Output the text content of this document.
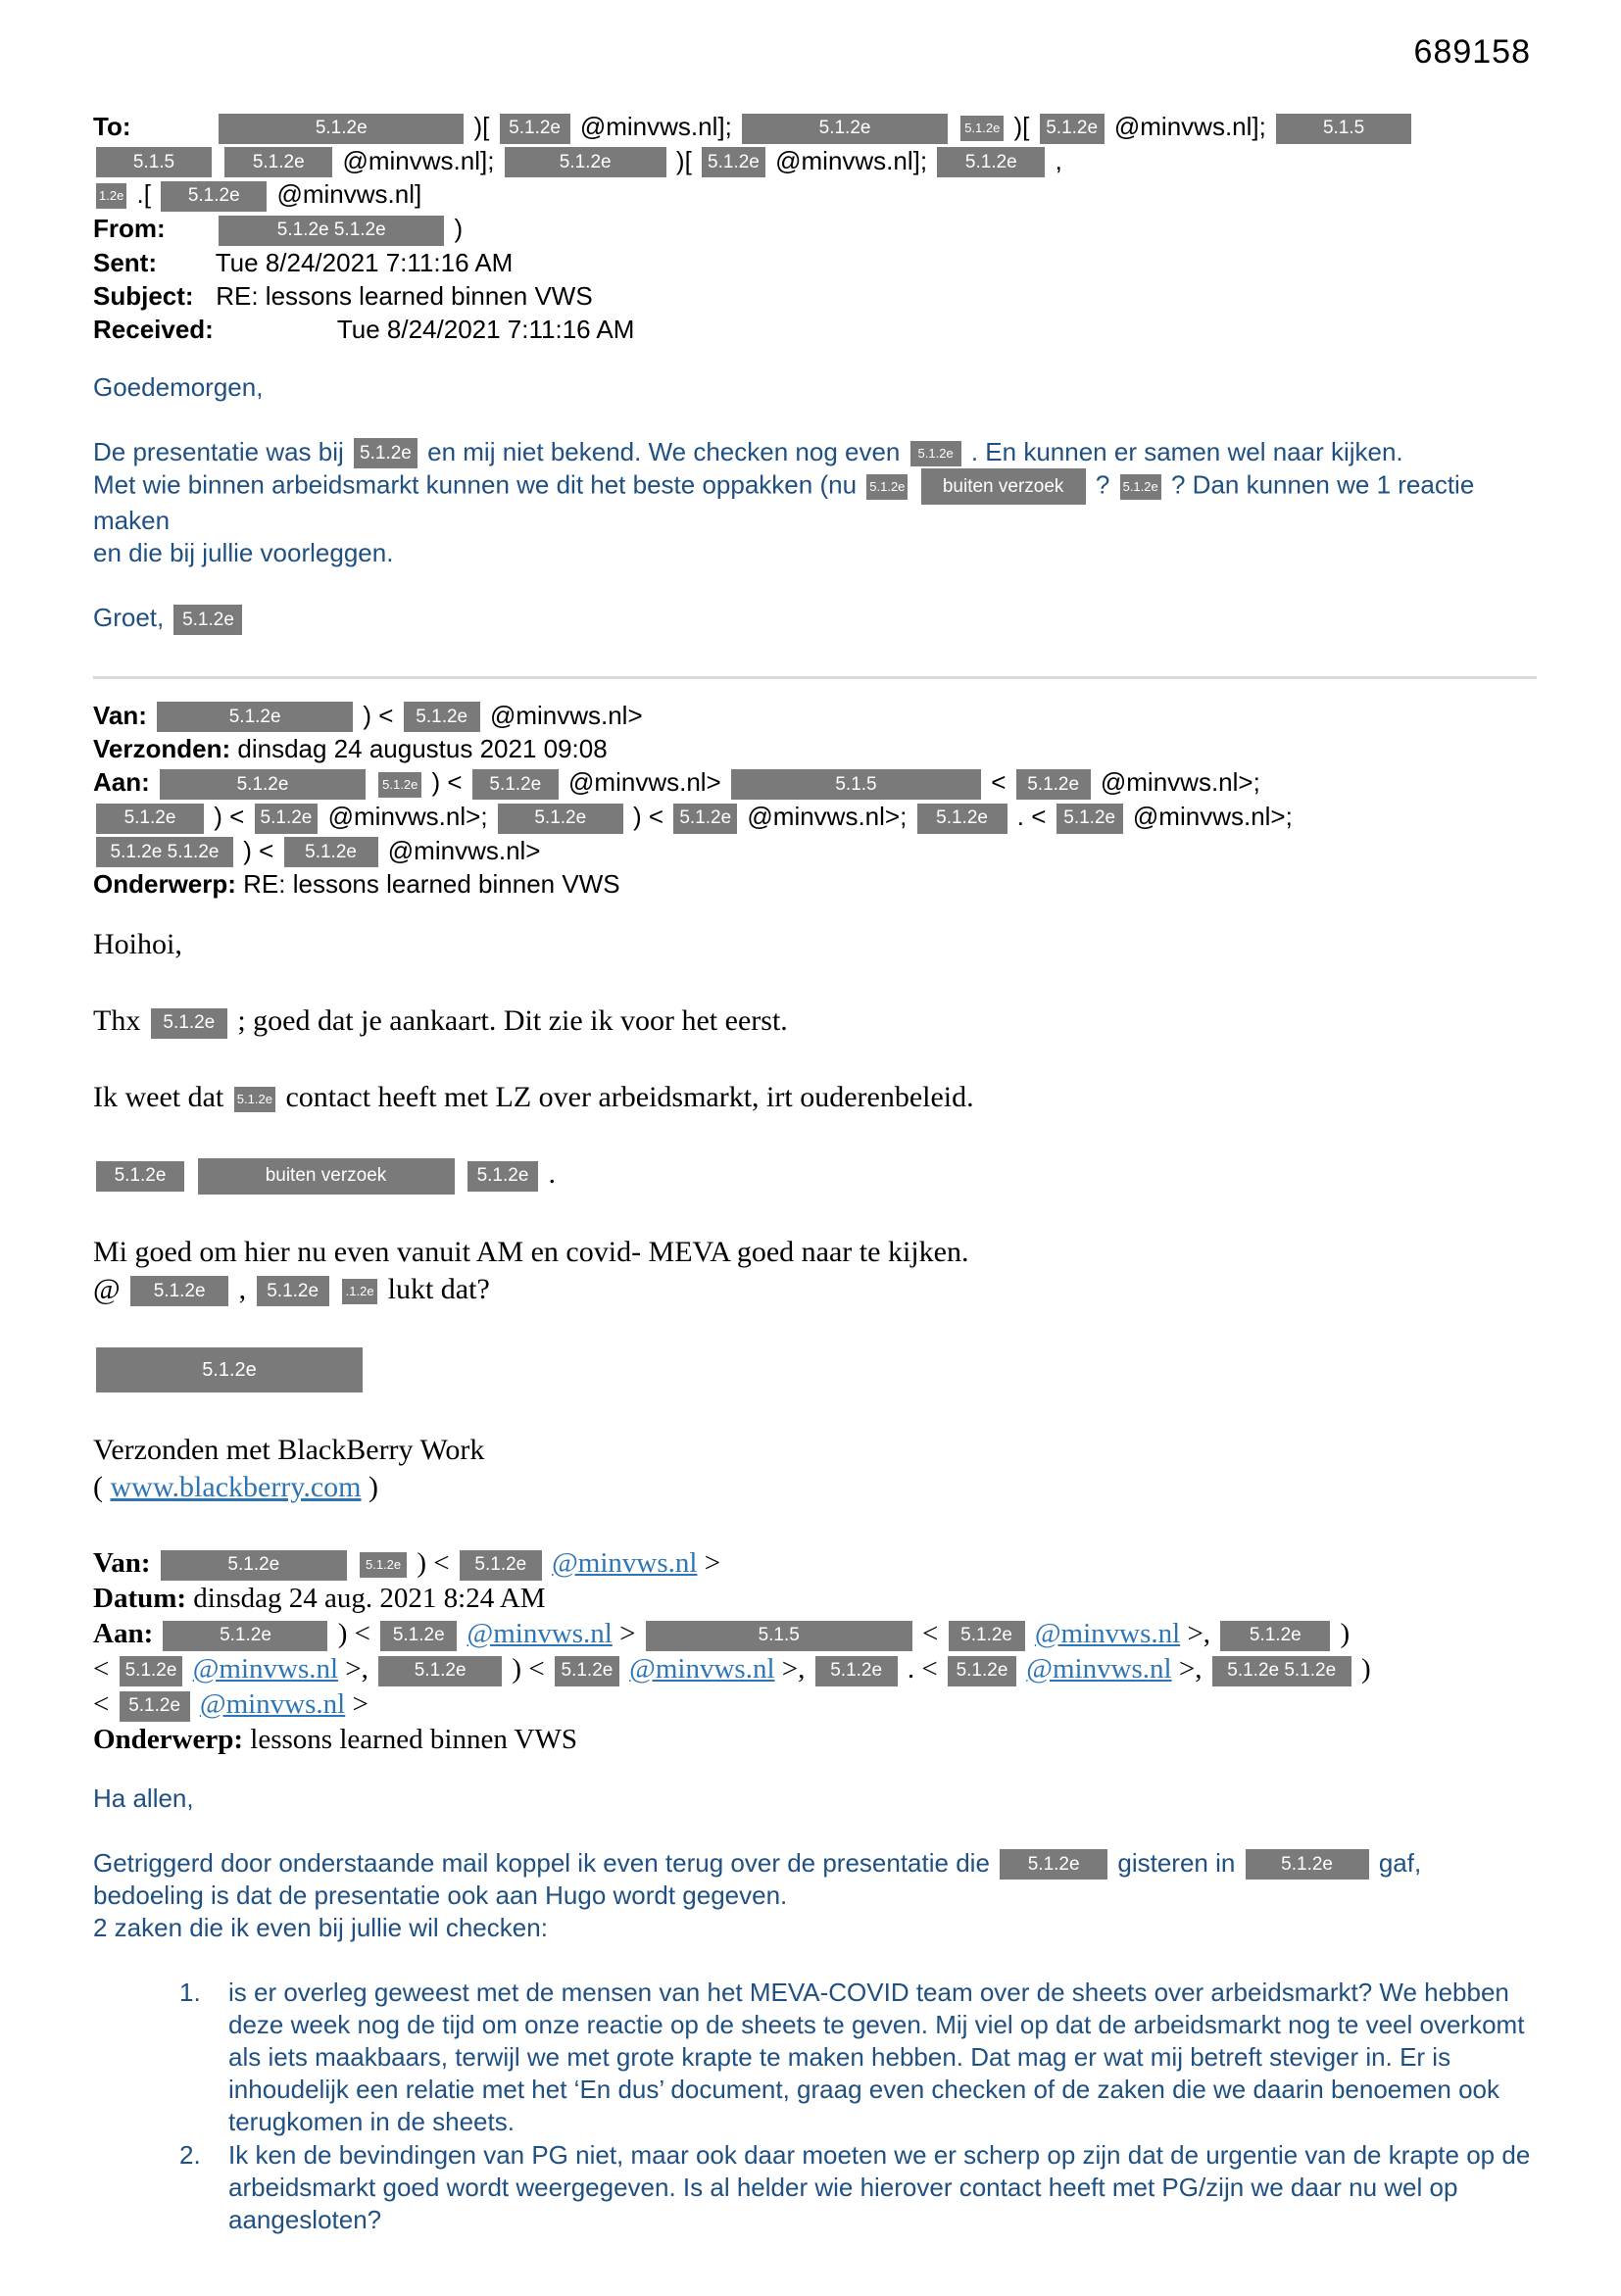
689158
To:	5.1.2e	)[ 5.1.2e @minvws.nl];	5.1.2e	5.1.2e )[ 5.1.2e @minvws.nl];	5.1.5
5.1.5	5.1.2e @minvws.nl];	5.1.2e	)[ 5.1.2e @minvws.nl]; 5.1.2e ,
1.2e .[ 5.1.2e @minvws.nl]
From:	5.1.2e 5.1.2e	)
Sent: Tue 8/24/2021 7:11:16 AM
Subject: RE: lessons learned binnen VWS
Received:	Tue 8/24/2021 7:11:16 AM

Goedemorgen,

De presentatie was bij 5.1.2e en mij niet bekend. We checken nog even 5.1.2e . En kunnen er samen wel naar kijken.
Met wie binnen arbeidsmarkt kunnen we dit het beste oppakken (nu 5.1.2e buiten verzoek ? 5.1.2e ? Dan kunnen we 1 reactie maken
en die bij jullie voorleggen.

Groet, 5.1.2e

Van:	5.1.2e	) < 5.1.2e @minvws.nl>
Verzonden: dinsdag 24 augustus 2021 09:08
Aan:	5.1.2e	5.1.2e ) < 5.1.2e @minvws.nl>	5.1.5	< 5.1.2e @minvws.nl>;
5.1.2e ) < 5.1.2e @minvws.nl>;	5.1.2e ) < 5.1.2e @minvws.nl>; 5.1.2e . < 5.1.2e @minvws.nl>;
5.1.2e 5.1.2e ) < 5.1.2e @minvws.nl>
Onderwerp: RE: lessons learned binnen VWS

Hoihoi,

Thx 5.1.2e ; goed dat je aankaart. Dit zie ik voor het eerst.

Ik weet dat 5.1.2e contact heeft met LZ over arbeidsmarkt, irt ouderenbeleid.

5.1.2e	buiten verzoek	5.1.2e .

Mi goed om hier nu even vanuit AM en covid- MEVA goed naar te kijken.
@ 5.1.2e , 5.1.2e .1.2e lukt dat?

5.1.2e

Verzonden met BlackBerry Work
( www.blackberry.com )

Van:	5.1.2e	5.1.2e ) < 5.1.2e @minvws.nl >
Datum: dinsdag 24 aug. 2021 8:24 AM
Aan:	5.1.2e ) < 5.1.2e @minvws.nl >	5.1.5	< 5.1.2e @minvws.nl >, 5.1.2e )
< 5.1.2e @minvws.nl >, 5.1.2e ) < 5.1.2e @minvws.nl >, 5.1.2e . < 5.1.2e @minvws.nl >, 5.1.2e 5.1.2e )
< 5.1.2e @minvws.nl >
Onderwerp: lessons learned binnen VWS

Ha allen,

Getriggerd door onderstaande mail koppel ik even terug over de presentatie die 5.1.2e gisteren in 5.1.2e gaf,
bedoeling is dat de presentatie ook aan Hugo wordt gegeven.
2 zaken die ik even bij jullie wil checken:

1.	is er overleg geweest met de mensen van het MEVA-COVID team over de sheets over arbeidsmarkt? We hebben deze week nog de tijd om onze reactie op de sheets te geven. Mij viel op dat de arbeidsmarkt nog te veel overkomt als iets maakbaars, terwijl we met grote krapte te maken hebben. Dat mag er wat mij betreft steviger in. Er is inhoudelijk een relatie met het ‘En dus’ document, graag even checken of de zaken die we daarin benoemen ook terugkomen in de sheets.
2.	Ik ken de bevindingen van PG niet, maar ook daar moeten we er scherp op zijn dat de urgentie van de krapte op de arbeidsmarkt goed wordt weergegeven. Is al helder wie hierover contact heeft met PG/zijn we daar nu wel op aangesloten?
